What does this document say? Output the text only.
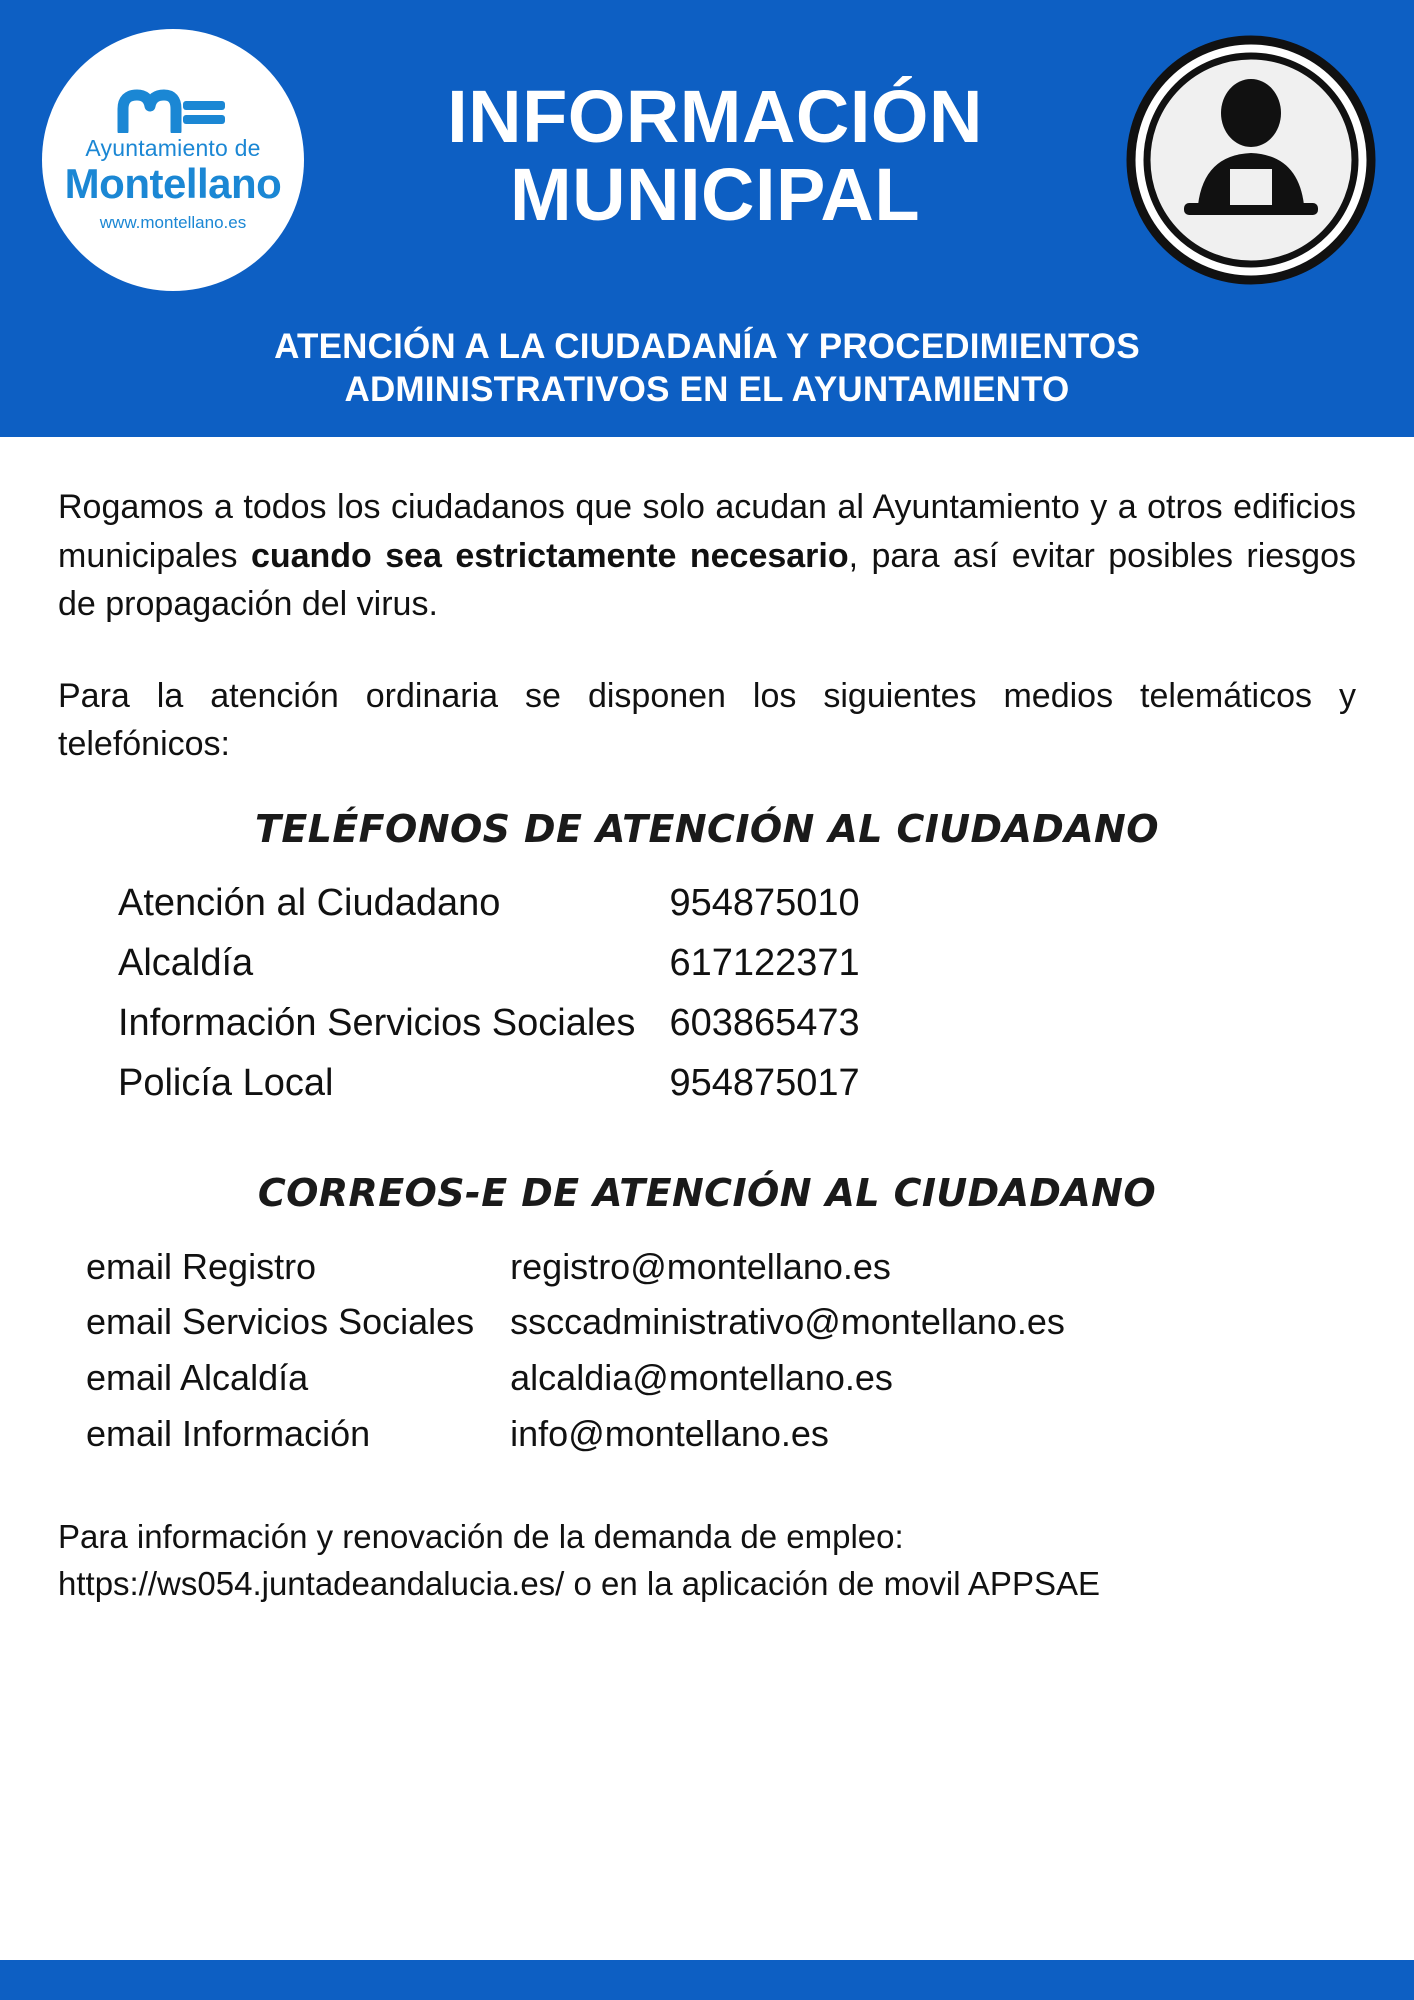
Ayuntamiento de
Montellano
www.montellano.es
INFORMACIÓN
MUNICIPAL
ATENCIÓN A LA CIUDADANÍA Y PROCEDIMIENTOS
ADMINISTRATIVOS EN EL AYUNTAMIENTO

Rogamos a todos los ciudadanos que solo acudan al Ayuntamiento y a otros edificios municipales cuando sea estrictamente necesario, para así evitar posibles riesgos de propagación del virus.

Para la atención ordinaria se disponen los siguientes medios telemáticos y telefónicos:

TELÉFONOS DE ATENCIÓN AL CIUDADANO
Atención al Ciudadano	954875010
Alcaldía	617122371
Información Servicios Sociales	603865473
Policía Local	954875017
CORREOS-E DE ATENCIÓN AL CIUDADANO
email Registro	registro@montellano.es
email Servicios Sociales	ssccadministrativo@montellano.es
email Alcaldía	alcaldia@montellano.es
email Información	info@montellano.es

Para información y renovación de la demanda de empleo:
https://ws054.juntadeandalucia.es/ o en la aplicación de movil APPSAE
